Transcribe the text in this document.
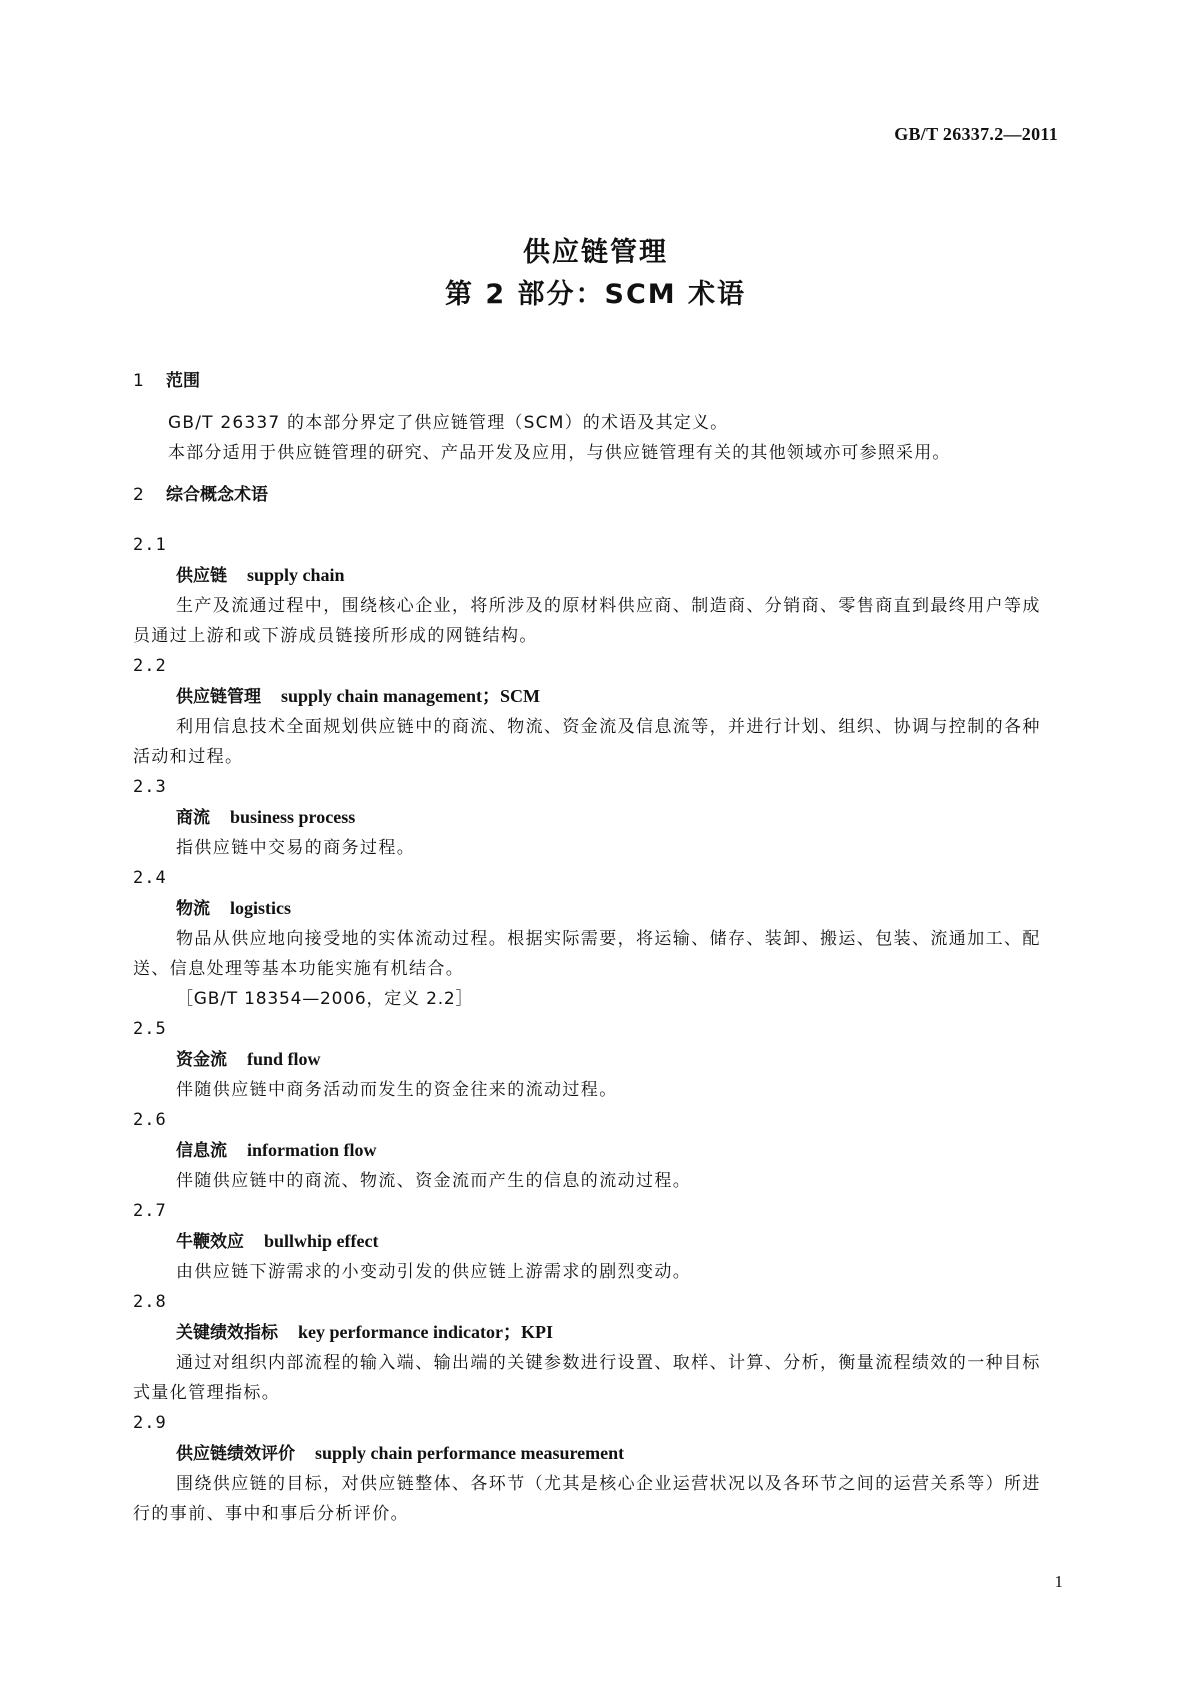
GB/T 26337.2—2011
供应链管理
第 2 部分：SCM 术语

1 范围

GB/T 26337 的本部分界定了供应链管理（SCM）的术语及其定义。

本部分适用于供应链管理的研究、产品开发及应用，与供应链管理有关的其他领域亦可参照采用。

2 综合概念术语

2.1

供应链 supply chain

生产及流通过程中，围绕核心企业，将所涉及的原材料供应商、制造商、分销商、零售商直到最终用户等成员通过上游和或下游成员链接所形成的网链结构。

2.2

供应链管理 supply chain management；SCM

利用信息技术全面规划供应链中的商流、物流、资金流及信息流等，并进行计划、组织、协调与控制的各种活动和过程。

2.3

商流 business process

指供应链中交易的商务过程。

2.4

物流 logistics

物品从供应地向接受地的实体流动过程。根据实际需要，将运输、储存、装卸、搬运、包装、流通加工、配送、信息处理等基本功能实施有机结合。

［GB/T 18354—2006，定义 2.2］

2.5

资金流 fund flow

伴随供应链中商务活动而发生的资金往来的流动过程。

2.6

信息流 information flow

伴随供应链中的商流、物流、资金流而产生的信息的流动过程。

2.7

牛鞭效应 bullwhip effect

由供应链下游需求的小变动引发的供应链上游需求的剧烈变动。

2.8

关键绩效指标 key performance indicator；KPI

通过对组织内部流程的输入端、输出端的关键参数进行设置、取样、计算、分析，衡量流程绩效的一种目标式量化管理指标。

2.9

供应链绩效评价 supply chain performance measurement

围绕供应链的目标，对供应链整体、各环节（尤其是核心企业运营状况以及各环节之间的运营关系等）所进行的事前、事中和事后分析评价。

1
